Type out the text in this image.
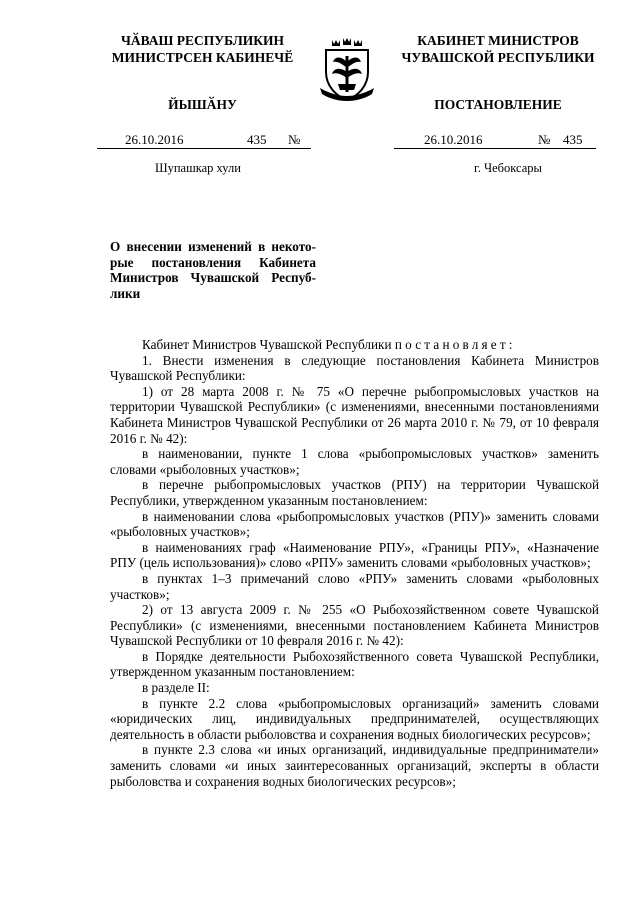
ЧӐВАШ РЕСПУБЛИКИН
МИНИСТРСЕН КАБИНЕЧӖ
ЙЫШӐНУ
КАБИНЕТ МИНИСТРОВ
ЧУВАШСКОЙ РЕСПУБЛИКИ
ПОСТАНОВЛЕНИЕ
26.10.2016	435 №	26.10.2016	№ 435
Шупашкар хули	г. Чебоксары
О внесении изменений в некото-
рые постановления Кабинета
Министров Чувашской Респуб-
лики

Кабинет Министров Чувашской Республики постановляет:

1. Внести изменения в следующие постановления Кабинета Министров Чувашской Республики:

1) от 28 марта 2008 г. № 75 «О перечне рыбопромысловых участков на территории Чувашской Республики» (с изменениями, внесенными постановлениями Кабинета Министров Чувашской Республики от 26 марта 2010 г. № 79, от 10 февраля 2016 г. № 42):

в наименовании, пункте 1 слова «рыбопромысловых участков» заменить словами «рыболовных участков»;

в перечне рыбопромысловых участков (РПУ) на территории Чувашской Республики, утвержденном указанным постановлением:

в наименовании слова «рыбопромысловых участков (РПУ)» заменить словами «рыболовных участков»;

в наименованиях граф «Наименование РПУ», «Границы РПУ», «Назначение РПУ (цель использования)» слово «РПУ» заменить словами «рыболовных участков»;

в пунктах 1–3 примечаний слово «РПУ» заменить словами «рыболовных участков»;

2) от 13 августа 2009 г. № 255 «О Рыбохозяйственном совете Чувашской Республики» (с изменениями, внесенными постановлением Кабинета Министров Чувашской Республики от 10 февраля 2016 г. № 42):

в Порядке деятельности Рыбохозяйственного совета Чувашской Республики, утвержденном указанным постановлением:

в разделе II:

в пункте 2.2 слова «рыбопромысловых организаций» заменить словами «юридических лиц, индивидуальных предпринимателей, осуществляющих деятельность в области рыболовства и сохранения водных биологических ресурсов»;

в пункте 2.3 слова «и иных организаций, индивидуальные предприниматели» заменить словами «и иных заинтересованных организаций, эксперты в области рыболовства и сохранения водных биологических ресурсов»;
